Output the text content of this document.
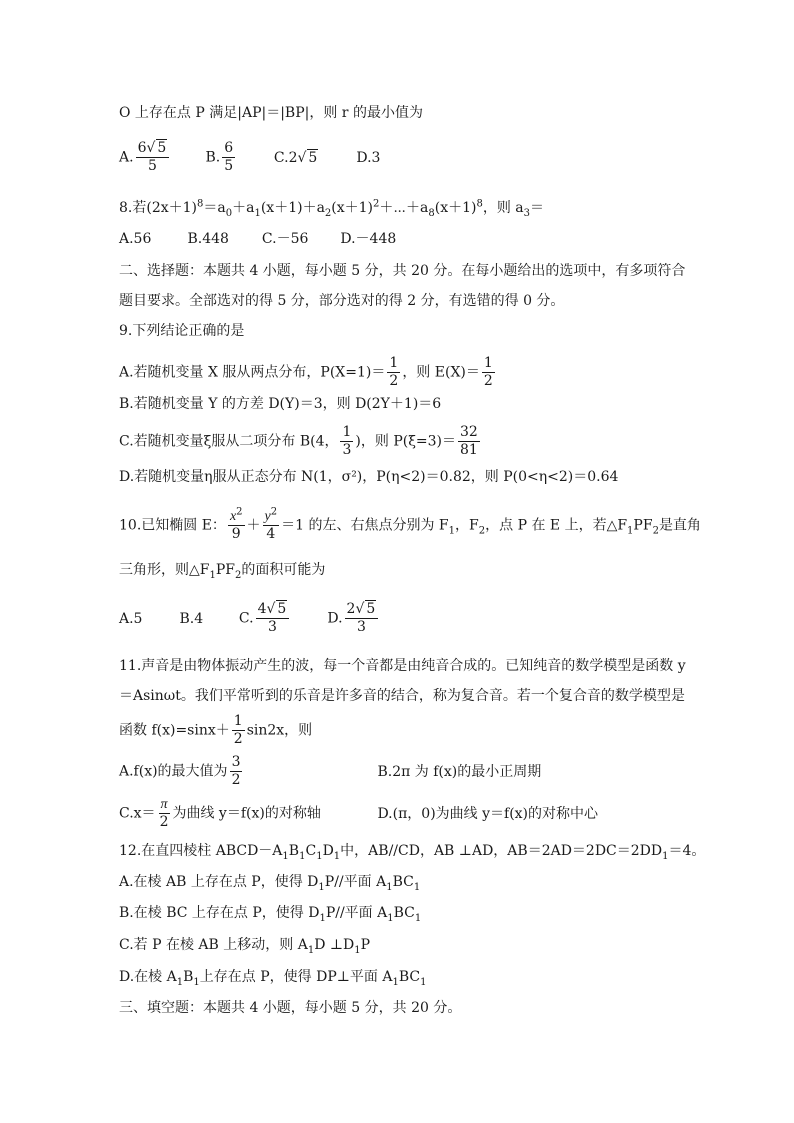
O 上存在点 P 满足|AP|＝|BP|，则 r 的最小值为
A. $\frac{6√ 5}{5}$	B. $\frac{6}{5}$	C.2√ 5	D.3
8.若$(2x+1)^8=a_0+a_1(x+1)+a_2(x+1)^2+\cdots+a_8(x+1)^8$，则 $a_3=$
A.56	B.448 C.－56 D.－448
二、选择题：本题共 4 小题，每小题 5 分，共 20 分。在每小题给出的选项中，有多项符合
题目要求。全部选对的得 5 分，部分选对的得 2 分，有选错的得 0 分。
9.下列结论正确的是
A.若随机变量 X 服从两点分布，$P(X=1)= \frac{1}{2}$ ，则 $E(X)= \frac{1}{2}$
B.若随机变量 Y 的方差 D(Y)＝3，则 D(2Y＋1)＝6
C.若随机变量ξ服从二项分布 B(4， $\frac{1}{3}$ )，则 $P(\xi=3)= \frac{32}{81}$
D.若随机变量η服从正态分布 N(1，σ²)，P(η<2)＝0.82，则 P(0<η<2)＝0.64
10.已知椭圆 E： $\frac{x^2}{9} + \frac{y^2}{4} =1$ 的左、右焦点分别为 $F_1$，$F_2$，点 P 在 E 上，若$\triangle F_1PF_2$是直角
三角形，则$\triangle F_1PF_2$的面积可能为
A.5	B.4	C. $\frac{4√ 5}{3}$	D. $\frac{2√ 5}{3}$
11.声音是由物体振动产生的波，每一个音都是由纯音合成的。已知纯音的数学模型是函数 y
＝Asinωt。我们平常听到的乐音是许多音的结合，称为复合音。若一个复合音的数学模型是
函数 $f(x)=\sin x+ \frac{1}{2} \sin 2x$，则
A.f(x)的最大值为 $\frac{3}{2}$	B.2π 为 f(x)的最小正周期
$C.x= \frac{\pi}{2}$ 为曲线 y＝f(x)的对称轴	D.(π，0)为曲线 y＝f(x)的对称中心
12.在直四棱柱 $ABCD-A_1B_1C_1D_1$中，AB//CD，AB ⊥AD，$AB=2AD=2DC=2DD_1=4$。
A.在棱 AB 上存在点 P，使得 $D_1P//$平面 $A_1BC_1$
B.在棱 BC 上存在点 P，使得 $D_1P//$平面 $A_1BC_1$
C.若 P 在棱 AB 上移动，则 $A_1D$ $\perp D_1P$
D.在棱 $A_1B_1$上存在点 P，使得 DP⊥平面 $A_1BC_1$
三、填空题：本题共 4 小题，每小题 5 分，共 20 分。
